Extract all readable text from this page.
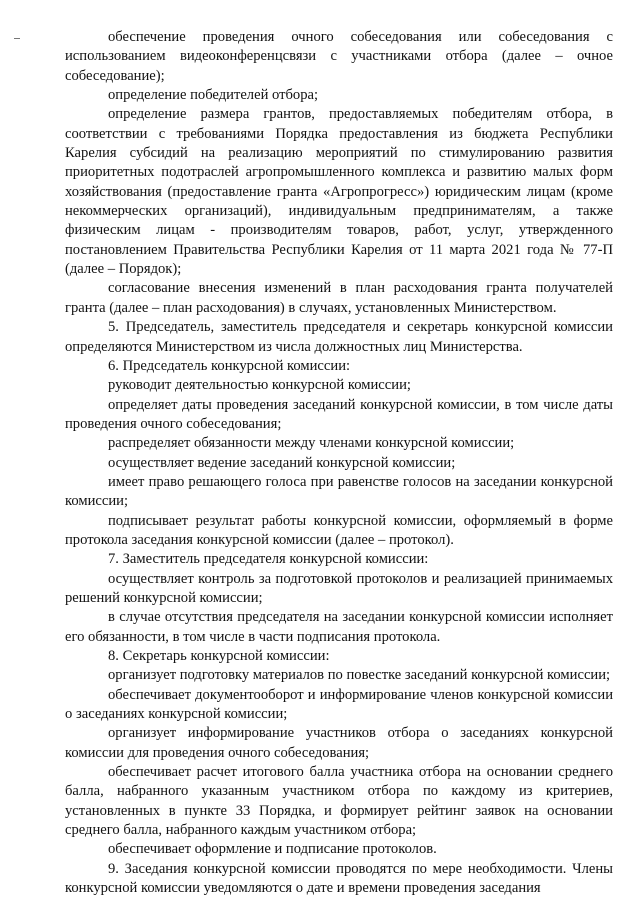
обеспечение проведения очного собеседования или собеседования с использованием видеоконференцсвязи с участниками отбора (далее – очное собеседование);

определение победителей отбора;

определение размера грантов, предоставляемых победителям отбора, в соответствии с требованиями Порядка предоставления из бюджета Республики Карелия субсидий на реализацию мероприятий по стимулированию развития приоритетных подотраслей агропромышленного комплекса и развитию малых форм хозяйствования (предоставление гранта «Агропрогресс») юридическим лицам (кроме некоммерческих организаций), индивидуальным предпринимателям, а также физическим лицам - производителям товаров, работ, услуг, утвержденного постановлением Правительства Республики Карелия от 11 марта 2021 года № 77-П (далее – Порядок);

согласование внесения изменений в план расходования гранта получателей гранта (далее – план расходования) в случаях, установленных Министерством.

5. Председатель, заместитель председателя и секретарь конкурсной комиссии определяются Министерством из числа должностных лиц Министерства.

6. Председатель конкурсной комиссии:

руководит деятельностью конкурсной комиссии;

определяет даты проведения заседаний конкурсной комиссии, в том числе даты проведения очного собеседования;

распределяет обязанности между членами конкурсной комиссии;

осуществляет ведение заседаний конкурсной комиссии;

имеет право решающего голоса при равенстве голосов на заседании конкурсной комиссии;

подписывает результат работы конкурсной комиссии, оформляемый в форме протокола заседания конкурсной комиссии (далее – протокол).

7. Заместитель председателя конкурсной комиссии:

осуществляет контроль за подготовкой протоколов и реализацией принимаемых решений конкурсной комиссии;

в случае отсутствия председателя на заседании конкурсной комиссии исполняет его обязанности, в том числе в части подписания протокола.

8. Секретарь конкурсной комиссии:

организует подготовку материалов по повестке заседаний конкурсной комиссии;

обеспечивает документооборот и информирование членов конкурсной комиссии о заседаниях конкурсной комиссии;

организует информирование участников отбора о заседаниях конкурсной комиссии для проведения очного собеседования;

обеспечивает расчет итогового балла участника отбора на основании среднего балла, набранного указанным участником отбора по каждому из критериев, установленных в пункте 33 Порядка, и формирует рейтинг заявок на основании среднего балла, набранного каждым участником отбора;

обеспечивает оформление и подписание протоколов.

9. Заседания конкурсной комиссии проводятся по мере необходимости. Члены конкурсной комиссии уведомляются о дате и времени проведения заседания
